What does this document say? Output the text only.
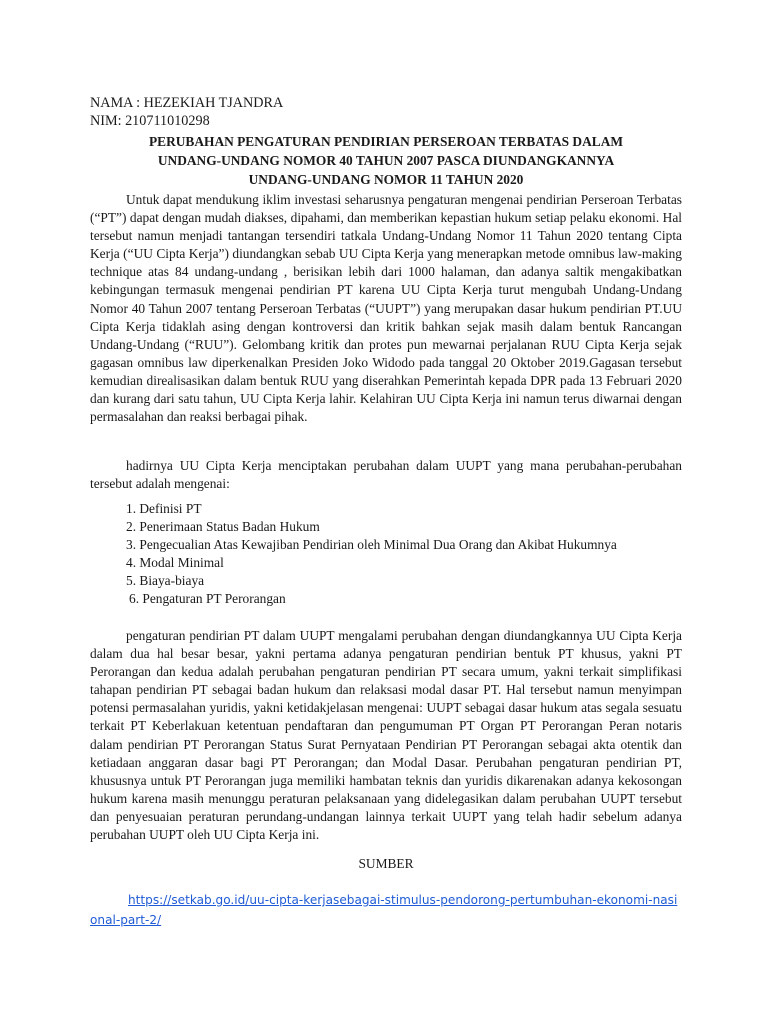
NAMA : HEZEKIAH TJANDRA
NIM: 210711010298
PERUBAHAN PENGATURAN PENDIRIAN PERSEROAN TERBATAS DALAM
UNDANG-UNDANG NOMOR 40 TAHUN 2007 PASCA DIUNDANGKANNYA
UNDANG-UNDANG NOMOR 11 TAHUN 2020

Untuk dapat mendukung iklim investasi seharusnya pengaturan mengenai pendirian Perseroan Terbatas (“PT”) dapat dengan mudah diakses, dipahami, dan memberikan kepastian hukum setiap pelaku ekonomi. Hal tersebut namun menjadi tantangan tersendiri tatkala Undang-Undang Nomor 11 Tahun 2020 tentang Cipta Kerja (“UU Cipta Kerja”) diundangkan sebab UU Cipta Kerja yang menerapkan metode omnibus law-making technique atas 84 undang-undang , berisikan lebih dari 1000 halaman, dan adanya saltik mengakibatkan kebingungan termasuk mengenai pendirian PT karena UU Cipta Kerja turut mengubah Undang-Undang Nomor 40 Tahun 2007 tentang Perseroan Terbatas (“UUPT”) yang merupakan dasar hukum pendirian PT.UU Cipta Kerja tidaklah asing dengan kontroversi dan kritik bahkan sejak masih dalam bentuk Rancangan Undang-Undang (“RUU”). Gelombang kritik dan protes pun mewarnai perjalanan RUU Cipta Kerja sejak gagasan omnibus law diperkenalkan Presiden Joko Widodo pada tanggal 20 Oktober 2019.Gagasan tersebut kemudian direalisasikan dalam bentuk RUU yang diserahkan Pemerintah kepada DPR pada 13 Februari 2020 dan kurang dari satu tahun, UU Cipta Kerja lahir. Kelahiran UU Cipta Kerja ini namun terus diwarnai dengan permasalahan dan reaksi berbagai pihak.

hadirnya UU Cipta Kerja menciptakan perubahan dalam UUPT yang mana perubahan-perubahan tersebut adalah mengenai:

1. Definisi PT
2. Penerimaan Status Badan Hukum
3. Pengecualian Atas Kewajiban Pendirian oleh Minimal Dua Orang dan Akibat Hukumnya
4. Modal Minimal
5. Biaya-biaya
6. Pengaturan PT Perorangan

pengaturan pendirian PT dalam UUPT mengalami perubahan dengan diundangkannya UU Cipta Kerja dalam dua hal besar besar, yakni pertama adanya pengaturan pendirian bentuk PT khusus, yakni PT Perorangan dan kedua adalah perubahan pengaturan pendirian PT secara umum, yakni terkait simplifikasi tahapan pendirian PT sebagai badan hukum dan relaksasi modal dasar PT. Hal tersebut namun menyimpan potensi permasalahan yuridis, yakni ketidakjelasan mengenai: UUPT sebagai dasar hukum atas segala sesuatu terkait PT Keberlakuan ketentuan pendaftaran dan pengumuman PT Organ PT Perorangan Peran notaris dalam pendirian PT Perorangan Status Surat Pernyataan Pendirian PT Perorangan sebagai akta otentik dan ketiadaan anggaran dasar bagi PT Perorangan; dan Modal Dasar. Perubahan pengaturan pendirian PT, khususnya untuk PT Perorangan juga memiliki hambatan teknis dan yuridis dikarenakan adanya kekosongan hukum karena masih menunggu peraturan pelaksanaan yang didelegasikan dalam perubahan UUPT tersebut dan penyesuaian peraturan perundang-undangan lainnya terkait UUPT yang telah hadir sebelum adanya perubahan UUPT oleh UU Cipta Kerja ini.

SUMBER
https://setkab.go.id/uu-cipta-kerjasebagai-stimulus-pendorong-pertumbuhan-ekonomi-nasional-part-2/
